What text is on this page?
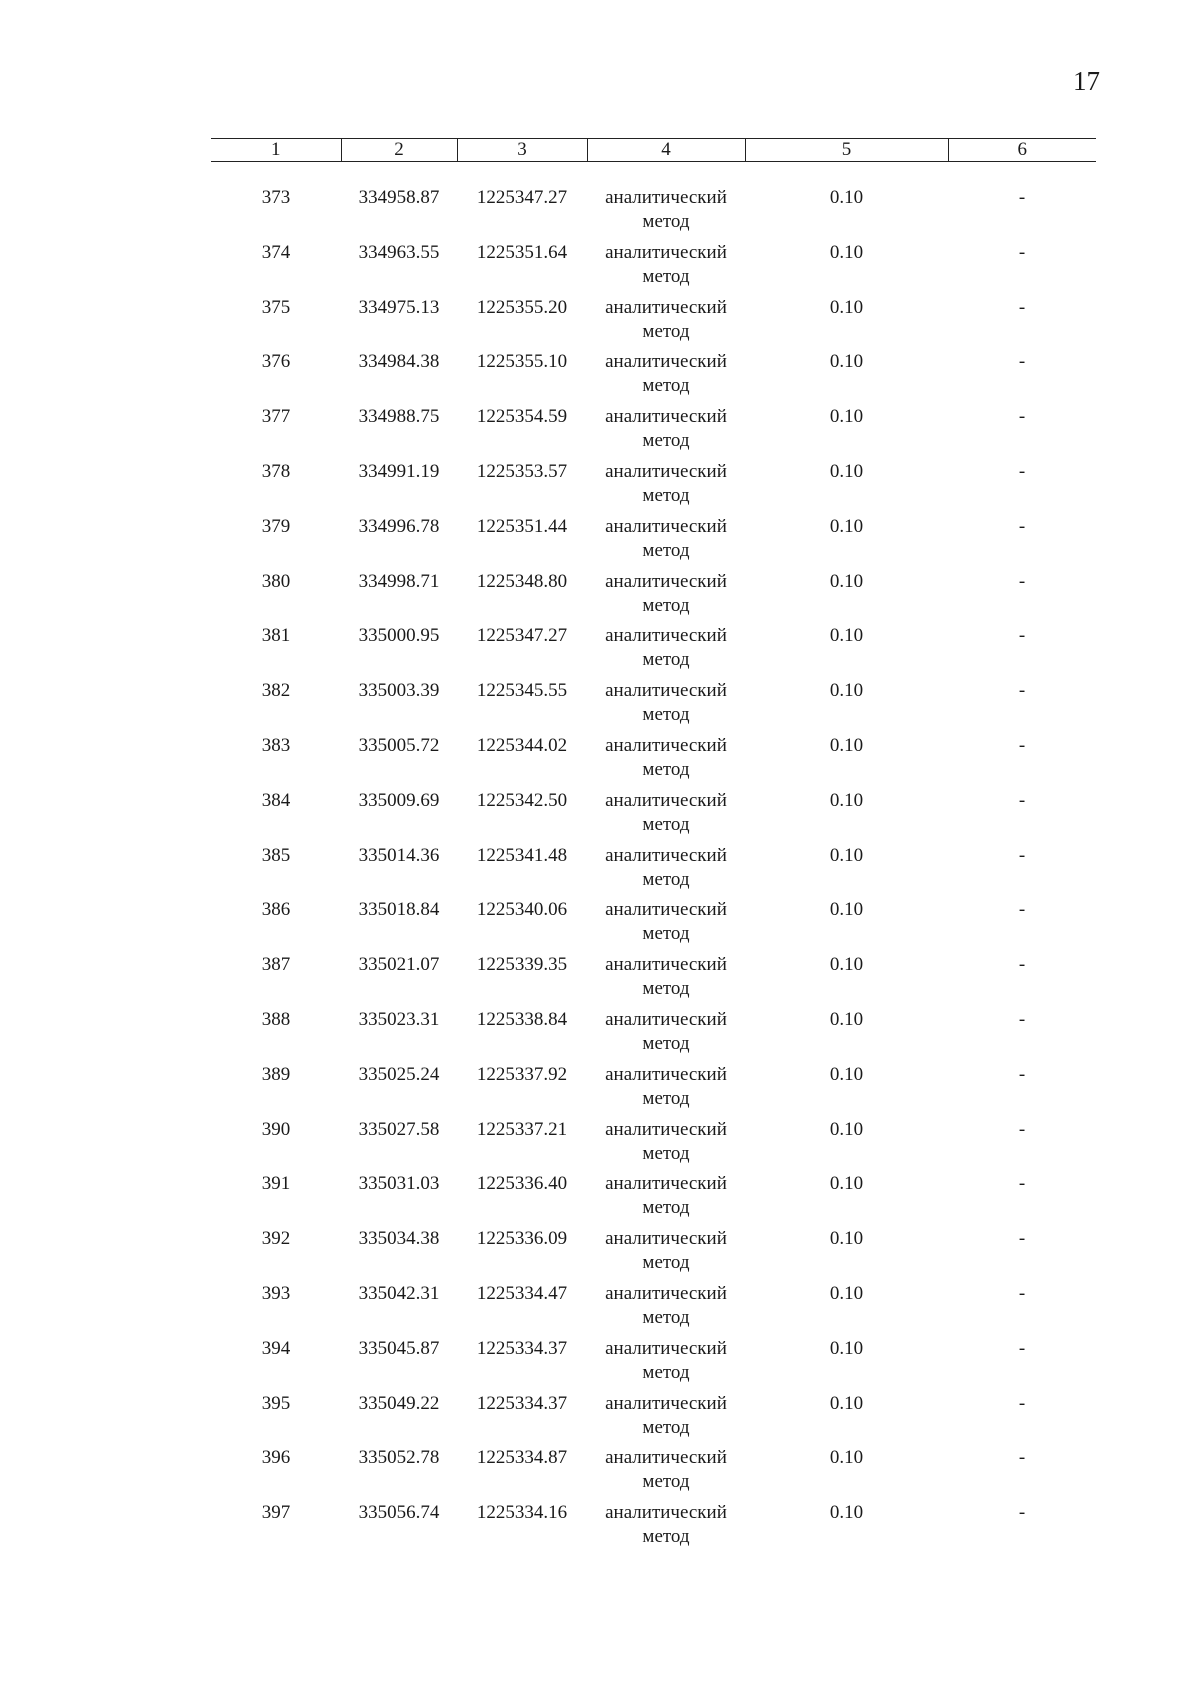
17
1	2	3	4	5	6

373	334958.87	1225347.27	аналитический
метод	0.10	-
374	334963.55	1225351.64	аналитический
метод	0.10	-
375	334975.13	1225355.20	аналитический
метод	0.10	-
376	334984.38	1225355.10	аналитический
метод	0.10	-
377	334988.75	1225354.59	аналитический
метод	0.10	-
378	334991.19	1225353.57	аналитический
метод	0.10	-
379	334996.78	1225351.44	аналитический
метод	0.10	-
380	334998.71	1225348.80	аналитический
метод	0.10	-
381	335000.95	1225347.27	аналитический
метод	0.10	-
382	335003.39	1225345.55	аналитический
метод	0.10	-
383	335005.72	1225344.02	аналитический
метод	0.10	-
384	335009.69	1225342.50	аналитический
метод	0.10	-
385	335014.36	1225341.48	аналитический
метод	0.10	-
386	335018.84	1225340.06	аналитический
метод	0.10	-
387	335021.07	1225339.35	аналитический
метод	0.10	-
388	335023.31	1225338.84	аналитический
метод	0.10	-
389	335025.24	1225337.92	аналитический
метод	0.10	-
390	335027.58	1225337.21	аналитический
метод	0.10	-
391	335031.03	1225336.40	аналитический
метод	0.10	-
392	335034.38	1225336.09	аналитический
метод	0.10	-
393	335042.31	1225334.47	аналитический
метод	0.10	-
394	335045.87	1225334.37	аналитический
метод	0.10	-
395	335049.22	1225334.37	аналитический
метод	0.10	-
396	335052.78	1225334.87	аналитический
метод	0.10	-
397	335056.74	1225334.16	аналитический
метод	0.10	-
